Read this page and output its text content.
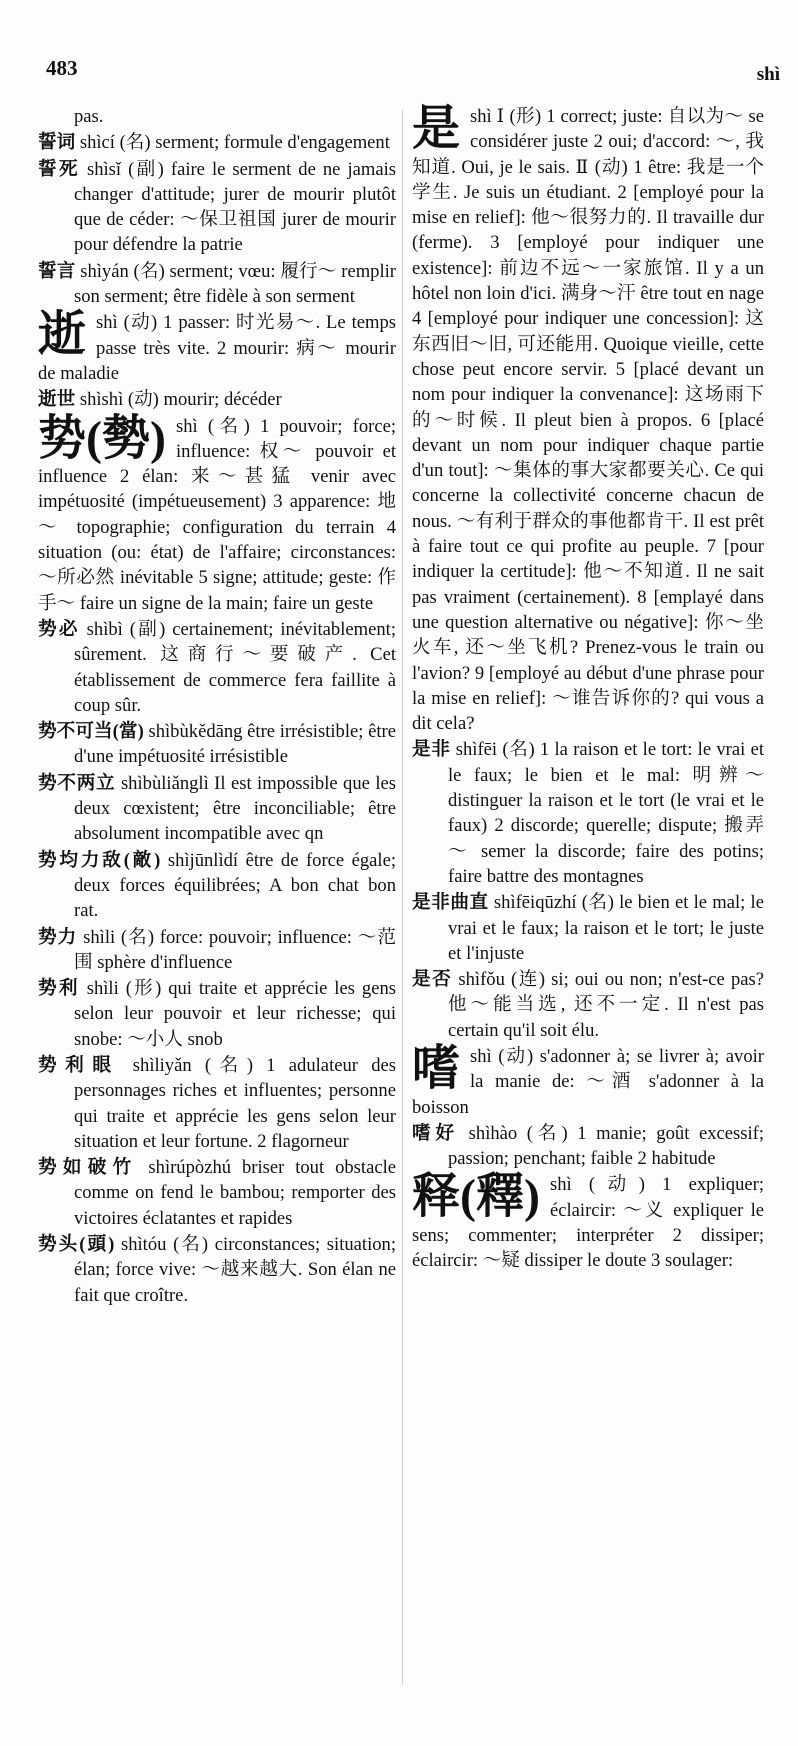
483	shì

pas.

誓词 shìcí (名) serment; formule d'engagement

誓死 shìsǐ (副) faire le serment de ne jamais changer d'attitude; jurer de mourir plutôt que de céder: ～保卫祖国 jurer de mourir pour défendre la patrie

誓言 shìyán (名) serment; vœu: 履行～ remplir son serment; être fidèle à son serment

逝shì (动) 1 passer: 时光易～. Le temps passe très vite. 2 mourir: 病～ mourir de maladie

逝世 shìshì (动) mourir; décéder

势(勢) shì (名) 1 pouvoir; force; influence: 权～ pouvoir et influence 2 élan: 来～甚猛 venir avec impétuosité (impétueusement) 3 apparence: 地～ topographie; configuration du terrain 4 situation (ou: état) de l'affaire; circonstances: ～所必然 inévitable 5 signe; attitude; geste: 作手～ faire un signe de la main; faire un geste

势必 shìbì (副) certainement; inévitablement; sûrement. 这商行～要破产. Cet établissement de commerce fera faillite à coup sûr.

势不可当(當) shìbùkědāng être irrésistible; être d'une impétuosité irrésistible

势不两立 shìbùliǎnglì Il est impossible que les deux cœxistent; être inconciliable; être absolument incompatible avec qn

势均力敌(敵) shìjūnlìdí être de force égale; deux forces équilibrées; A bon chat bon rat.

势力 shìli (名) force: pouvoir; influence: ～范围 sphère d'influence

势利 shìli (形) qui traite et apprécie les gens selon leur pouvoir et leur richesse; qui snobe: ～小人 snob

势利眼 shìliyǎn (名) 1 adulateur des personnages riches et influentes; personne qui traite et apprécie les gens selon leur situation et leur fortune. 2 flagorneur

势如破竹 shìrúpòzhú briser tout obstacle comme on fend le bambou; remporter des victoires éclatantes et rapides

势头(頭) shìtóu (名) circonstances; situation; élan; force vive: ～越来越大. Son élan ne fait que croître.

是shì Ⅰ (形) 1 correct; juste: 自以为～ se considérer juste 2 oui; d'accord: ～, 我知道. Oui, je le sais. Ⅱ (动) 1 être: 我是一个学生. Je suis un étudiant. 2 [employé pour la mise en relief]: 他～很努力的. Il travaille dur (ferme). 3 [employé pour indiquer une existence]: 前边不远～一家旅馆. Il y a un hôtel non loin d'ici. 满身～汗 être tout en nage 4 [employé pour indiquer une concession]: 这东西旧～旧, 可还能用. Quoique vieille, cette chose peut encore servir. 5 [placé devant un nom pour indiquer la convenance]: 这场雨下的～时候. Il pleut bien à propos. 6 [placé devant un nom pour indiquer chaque partie d'un tout]: ～集体的事大家都要关心. Ce qui concerne la collectivité concerne chacun de nous. ～有利于群众的事他都肯干. Il est prêt à faire tout ce qui profite au peuple. 7 [pour indiquer la certitude]: 他～不知道. Il ne sait pas vraiment (certainement). 8 [emplayé dans une question alternative ou négative]: 你～坐火车, 还～坐飞机? Prenez-vous le train ou l'avion? 9 [employé au début d'une phrase pour la mise en relief]: ～谁告诉你的? qui vous a dit cela?

是非 shìfēi (名) 1 la raison et le tort: le vrai et le faux; le bien et le mal: 明辨～ distinguer la raison et le tort (le vrai et le faux) 2 discorde; querelle; dispute; 搬弄～ semer la discorde; faire des potins; faire battre des montagnes

是非曲直 shìfēiqūzhí (名) le bien et le mal; le vrai et le faux; la raison et le tort; le juste et l'injuste

是否 shìfǒu (连) si; oui ou non; n'est-ce pas? 他～能当选, 还不一定. Il n'est pas certain qu'il soit élu.

嗜shì (动) s'adonner à; se livrer à; avoir la manie de: ～酒 s'adonner à la boisson

嗜好 shìhào (名) 1 manie; goût excessif; passion; penchant; faible 2 habitude

释(釋) shì (动) 1 expliquer; éclaircir: ～义 expliquer le sens; commenter; interpréter 2 dissiper; éclaircir: ～疑 dissiper le doute 3 soulager:
